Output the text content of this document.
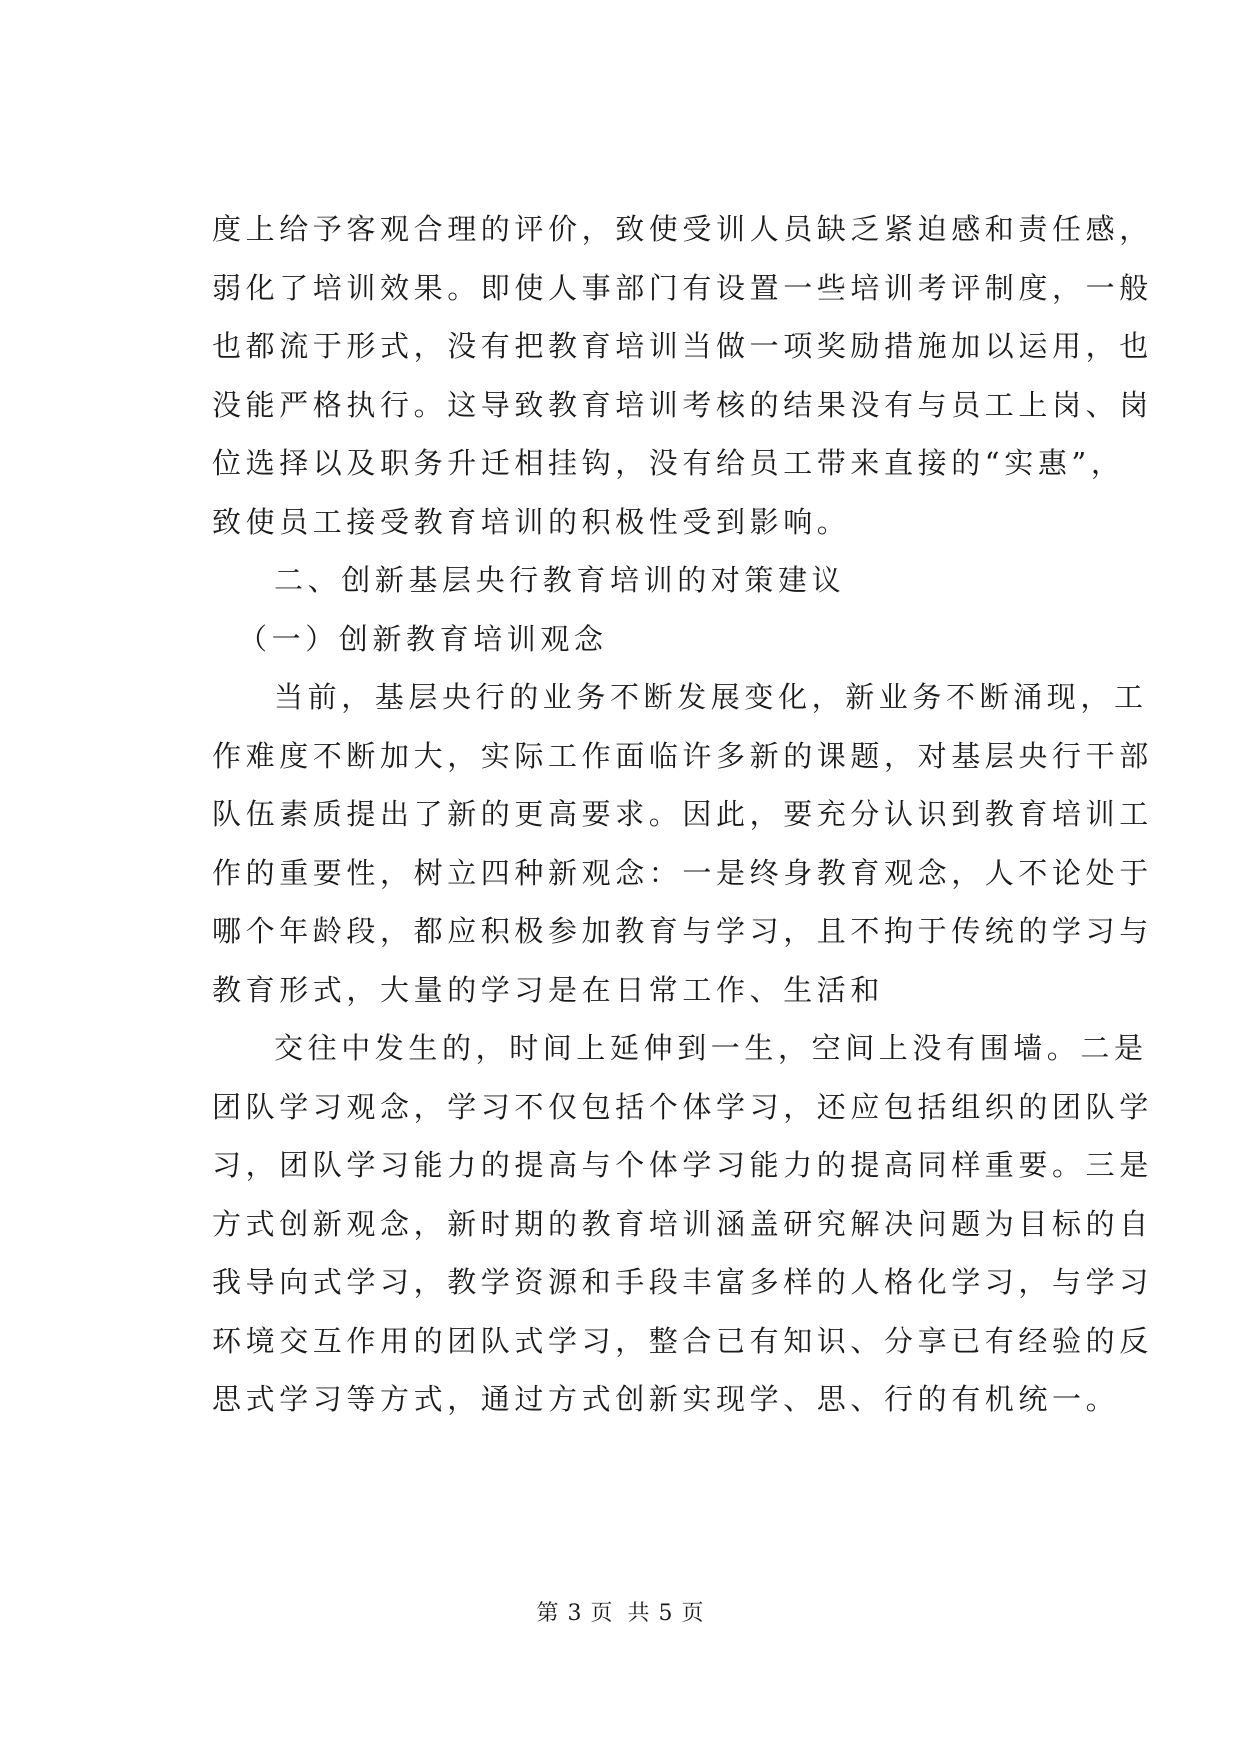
度上给予客观合理的评价，致使受训人员缺乏紧迫感和责任感，
弱化了培训效果。即使人事部门有设置一些培训考评制度，一般
也都流于形式，没有把教育培训当做一项奖励措施加以运用，也
没能严格执行。这导致教育培训考核的结果没有与员工上岗、岗
位选择以及职务升迁相挂钩，没有给员工带来直接的“实惠”，
致使员工接受教育培训的积极性受到影响。
二、创新基层央行教育培训的对策建议
（一）创新教育培训观念
当前，基层央行的业务不断发展变化，新业务不断涌现，工
作难度不断加大，实际工作面临许多新的课题，对基层央行干部
队伍素质提出了新的更高要求。因此，要充分认识到教育培训工
作的重要性，树立四种新观念：一是终身教育观念，人不论处于
哪个年龄段，都应积极参加教育与学习，且不拘于传统的学习与
教育形式，大量的学习是在日常工作、生活和
交往中发生的，时间上延伸到一生，空间上没有围墙。二是
团队学习观念，学习不仅包括个体学习，还应包括组织的团队学
习，团队学习能力的提高与个体学习能力的提高同样重要。三是
方式创新观念，新时期的教育培训涵盖研究解决问题为目标的自
我导向式学习，教学资源和手段丰富多样的人格化学习，与学习
环境交互作用的团队式学习，整合已有知识、分享已有经验的反
思式学习等方式，通过方式创新实现学、思、行的有机统一。
第 3 页 共 5 页
